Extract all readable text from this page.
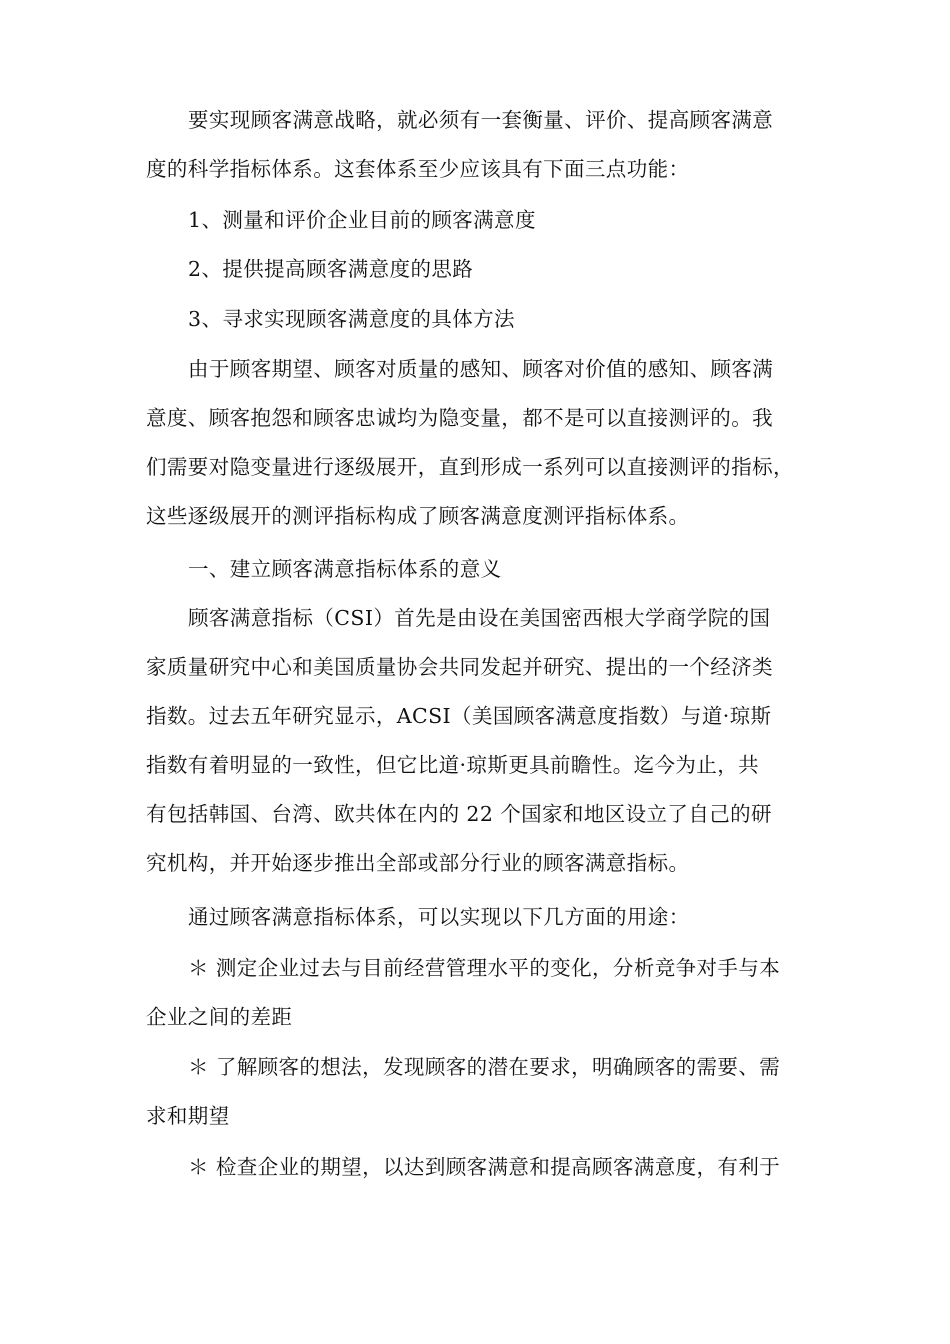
要实现顾客满意战略，就必须有一套衡量、评价、提高顾客满意
度的科学指标体系。这套体系至少应该具有下面三点功能：

1、测量和评价企业目前的顾客满意度

2、提供提高顾客满意度的思路

3、寻求实现顾客满意度的具体方法

由于顾客期望、顾客对质量的感知、顾客对价值的感知、顾客满
意度、顾客抱怨和顾客忠诚均为隐变量，都不是可以直接测评的。我
们需要对隐变量进行逐级展开，直到形成一系列可以直接测评的指标，
这些逐级展开的测评指标构成了顾客满意度测评指标体系。

一、建立顾客满意指标体系的意义

顾客满意指标（CSI）首先是由设在美国密西根大学商学院的国
家质量研究中心和美国质量协会共同发起并研究、提出的一个经济类
指数。过去五年研究显示，ACSI（美国顾客满意度指数）与道·琼斯
指数有着明显的一致性，但它比道·琼斯更具前瞻性。迄今为止，共
有包括韩国、台湾、欧共体在内的 22 个国家和地区设立了自己的研
究机构，并开始逐步推出全部或部分行业的顾客满意指标。

通过顾客满意指标体系，可以实现以下几方面的用途：

＊ 测定企业过去与目前经营管理水平的变化，分析竞争对手与本
企业之间的差距

＊ 了解顾客的想法，发现顾客的潜在要求，明确顾客的需要、需
求和期望

＊ 检查企业的期望，以达到顾客满意和提高顾客满意度，有利于
